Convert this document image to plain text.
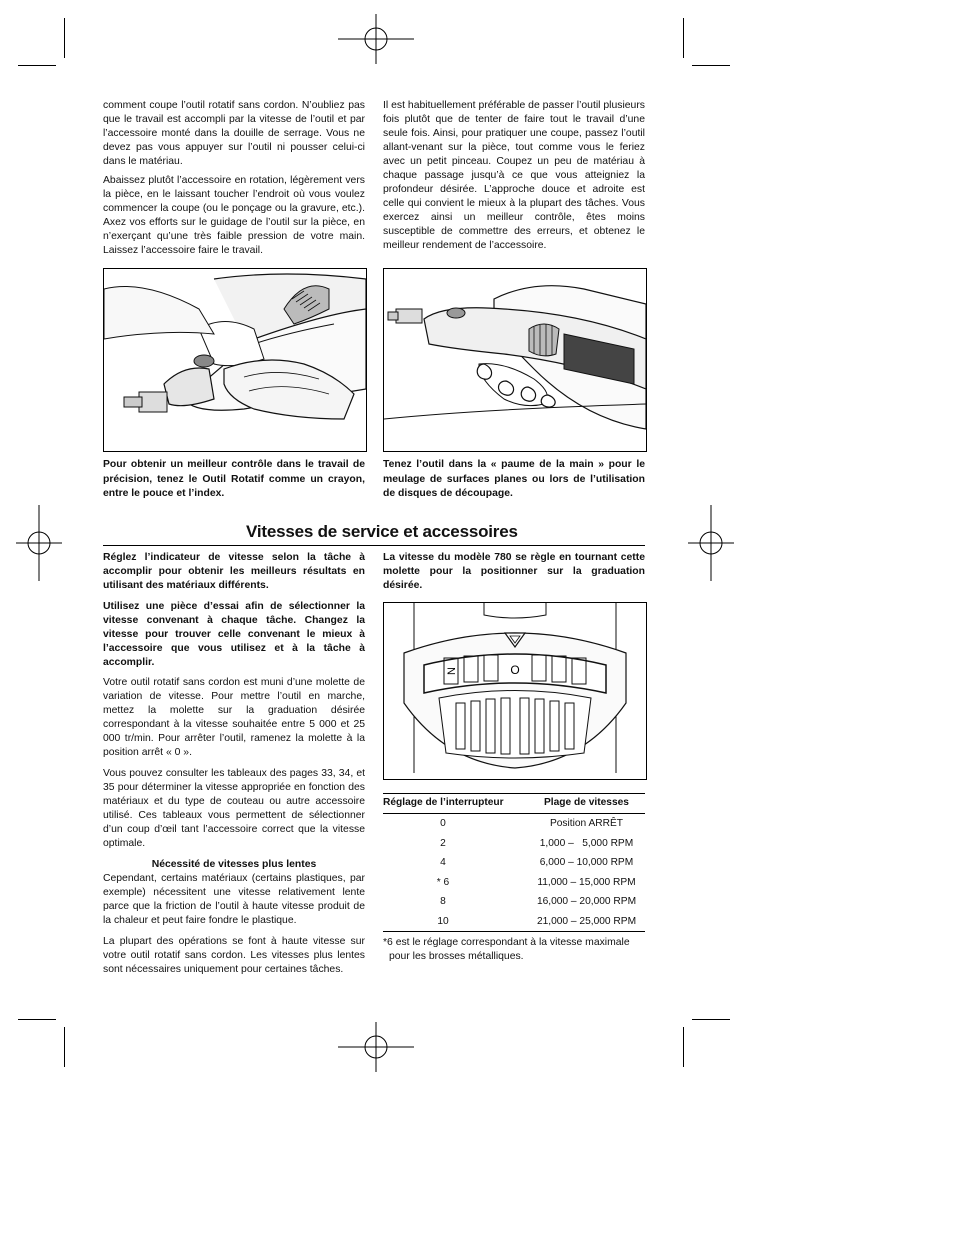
comment coupe l’outil rotatif sans cordon. N’oubliez pas que le travail est accompli par la vitesse de l’outil et par l’accessoire monté dans la douille de serrage. Vous ne devez pas vous appuyer sur l’outil ni pousser celui-ci dans le matériau.

Abaissez plutôt l’accessoire en rotation, légèrement vers la pièce, en le laissant toucher l’endroit où vous voulez commencer la coupe (ou le ponçage ou la gravure, etc.). Axez vos efforts sur le guidage de l’outil sur la pièce, en n’exerçant qu’une très faible pression de votre main. Laissez l’accessoire faire le travail.

Il est habituellement préférable de passer l’outil plusieurs fois plutôt que de tenter de faire tout le travail d’une seule fois. Ainsi, pour pratiquer une coupe, passez l’outil allant-venant sur la pièce, tout comme vous le feriez avec un petit pinceau. Coupez un peu de matériau à chaque passage jusqu’à ce que vous atteigniez la profondeur désirée. L’approche douce et adroite est celle qui convient le mieux à la plupart des tâches. Vous exercez ainsi un meilleur contrôle, êtes moins susceptible de commettre des erreurs, et obtenez le meilleur rendement de l’accessoire.

Pour obtenir un meilleur contrôle dans le travail de précision, tenez le Outil Rotatif comme un crayon, entre le pouce et l’index.

Tenez l’outil dans la « paume de la main » pour le meulage de surfaces planes ou lors de l’utilisation de disques de découpage.

Vitesses de service et accessoires

Réglez l’indicateur de vitesse selon la tâche à accomplir pour obtenir les meilleurs résultats en utilisant des matériaux différents.

Utilisez une pièce d’essai afin de sélectionner la vitesse convenant à chaque tâche. Changez la vitesse pour trouver celle convenant le mieux à l’accessoire que vous utilisez et à la tâche à accomplir.

Votre outil rotatif sans cordon est muni d’une molette de variation de vitesse. Pour mettre l’outil en marche, mettez la molette sur la graduation désirée correspondant à la vitesse souhaitée entre 5 000 et 25 000 tr/min. Pour arrêter l’outil, ramenez la molette à la position arrêt « 0 ».

Vous pouvez consulter les tableaux des pages 33, 34, et 35 pour déterminer la vitesse appropriée en fonction des matériaux et du type de couteau ou autre accessoire utilisé. Ces tableaux vous permettent de sélectionner d’un coup d’œil tant l’accessoire correct que la vitesse optimale.

Nécessité de vitesses plus lentes

Cependant, certains matériaux (certains plastiques, par exemple) nécessitent une vitesse relativement lente parce que la friction de l’outil à haute vitesse produit de la chaleur et peut faire fondre le plastique.

La plupart des opérations se font à haute vitesse sur votre outil rotatif sans cordon. Les vitesses plus lentes sont nécessaires uniquement pour certaines tâches.

La vitesse du modèle 780 se règle en tournant cette molette pour la positionner sur la graduation désirée.

N	O
Réglage de l’interrupteur	Plage de vitesses
0	Position ARRÊT
2	1,000 –   5,000 RPM
4	6,000 – 10,000 RPM
* 6	11,000 – 15,000 RPM
8	16,000 – 20,000 RPM
10	21,000 – 25,000 RPM

*6 est le réglage correspondant à la vitesse maximale pour les brosses métalliques.
